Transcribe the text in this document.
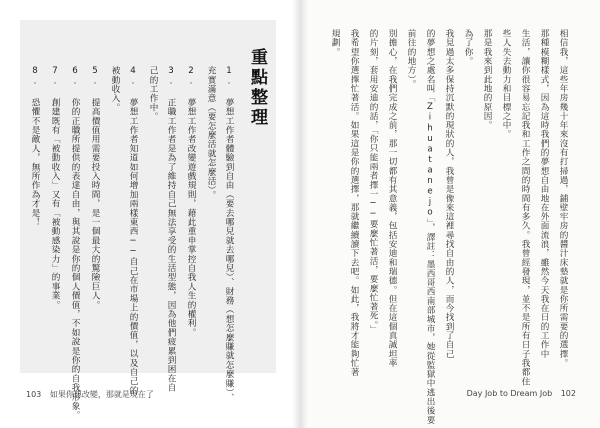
重點整理
1. 夢想工作者體驗到自由（要去哪兒就去哪兒）、財務（想怎麼賺就怎麼賺）、
充實滿意（要怎麼活就怎麼活）。
2. 夢想工作者改變遊戲規則，藉此重申掌控自我人生的權利。
3. 正職工作者是為了維持自己無法享受的生活型態，因為他們疲累到困在自
己的工作中。
4. 夢想工作者知道如何增加兩樣東西──自己在市場上的價值，以及自己的
被動收入。
5. 提高價值用需要投入時間，是一個最大的驚險巨人。
6. 你的正職所提供的表達自由，與其說是你的個人價值，不如說是你的自我形象。
7. 創建既有「被動收入」又有「被動感染力」的事業。
8. 恐懼不是敵人，無所作為才是！
103 如果你想改變，那就是現在了
相信我，這些年房幾十年來沒有打掃過，鋪壁牢房的醬汁床墊就是你所需要的選擇。
那種模糊樣式，因為這時我們的夢想自由地在外面流浪，雖然今天我在日的工作中
生活，讓你很容易忘記我和工作之間的時間有多久。我曾經發現，並不是所有日子我都住
些人失去動力和目標之中。
那是我來到此地的原因。
為了你。
我見過太多保持沉默的現狀的人，我曾是像來這裡尋找自由的人，而今找到了自己
的夢想之處名叫「Zihuatanejo」，譯註：墨西哥西南部城市，她從監獄中逃出後要
前往的地方）。
別擔心，在我們完成之前，那一切都有其意義，包括安迪和瑞德。但在這個真誠坦率
的片刻，套用安迪的話，「你只能兩者擇一──要麼忙著活，要麼忙著死。」
我希望你選擇忙著活。如果這是你的選擇，那就繼續讀下去吧。如此，我將才能夠忙著
規劃。
Day Job to Dream Job 102
